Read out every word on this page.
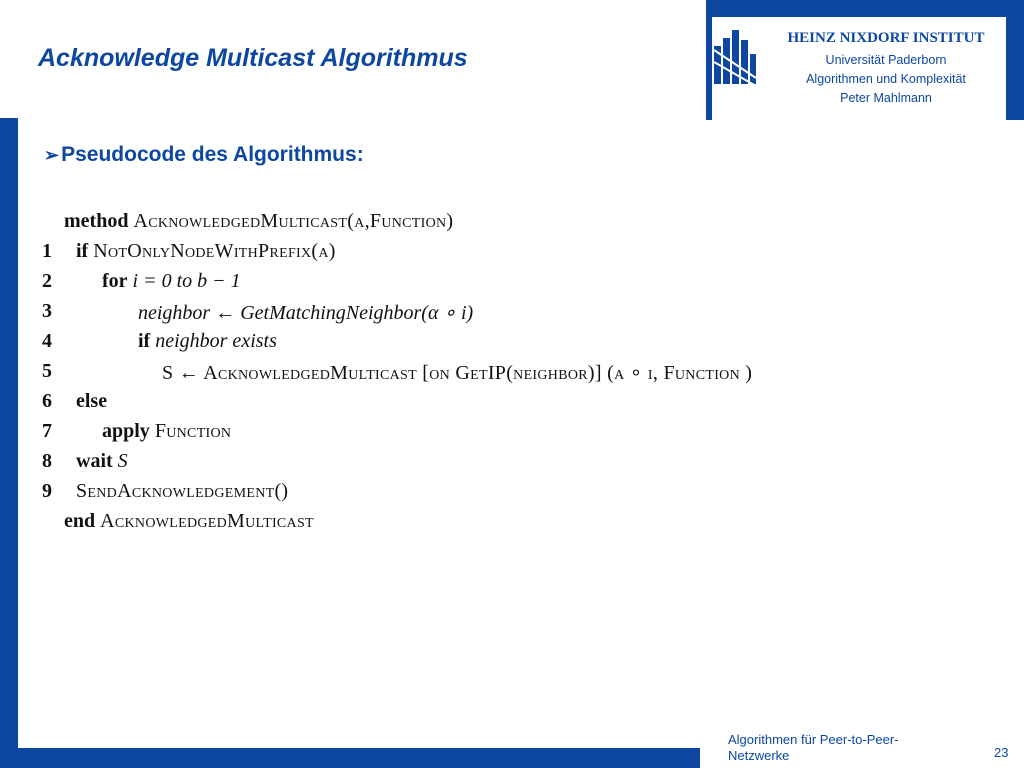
HEINZ NIXDORF INSTITUT
Universität Paderborn
Algorithmen und Komplexität
Peter Mahlmann
Acknowledge Multicast Algorithmus
➢Pseudocode des Algorithmus:
method AcknowledgedMulticast(α,Function)
1	if NotOnlyNodeWithPrefix(α)
2	for i = 0 to b − 1
3	neighbor ← GetMatchingNeighbor(α ∘ i)
4	if neighbor exists
5	S ← AcknowledgedMulticast [on GetIP(neighbor)] (α ∘ i, Function )
6	else
7	apply Function
8	wait S
9	SendAcknowledgement()
end AcknowledgedMulticast
Algorithmen für Peer-to-Peer-Netzwerke	23
